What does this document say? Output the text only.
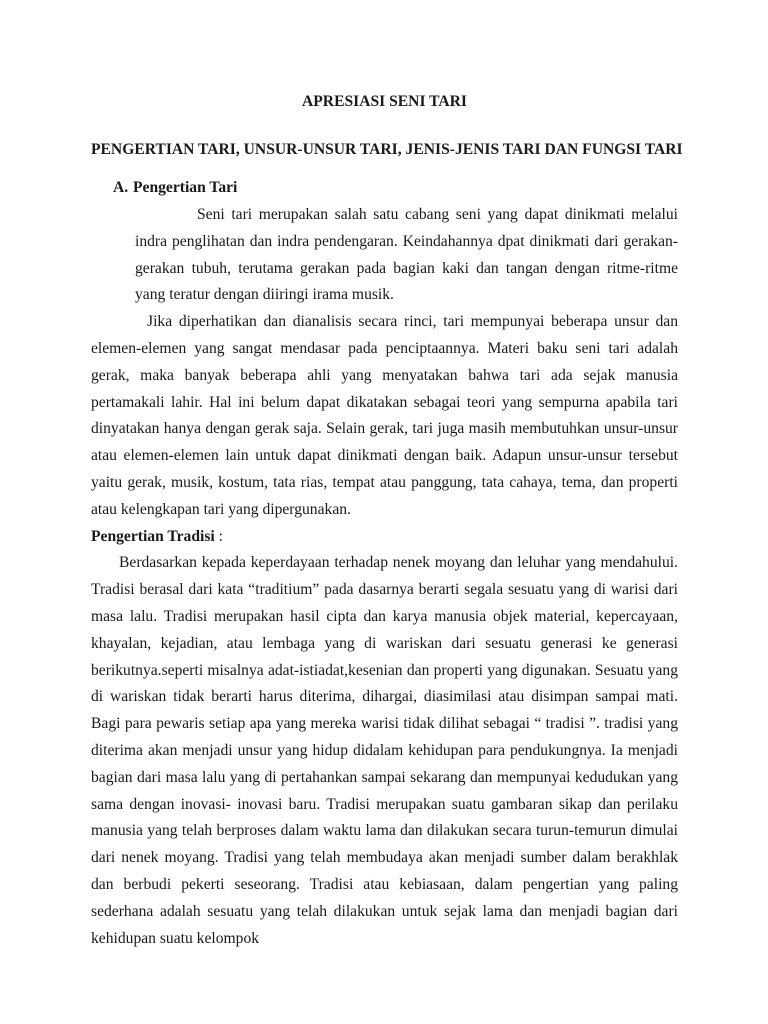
APRESIASI SENI TARI
PENGERTIAN TARI, UNSUR-UNSUR TARI, JENIS-JENIS TARI DAN FUNGSI TARI
A. Pengertian Tari

Seni tari merupakan salah satu cabang seni yang dapat dinikmati melalui indra penglihatan dan indra pendengaran. Keindahannya dpat dinikmati dari gerakan-gerakan tubuh, terutama gerakan pada bagian kaki dan tangan dengan ritme-ritme yang teratur dengan diiringi irama musik.

Jika diperhatikan dan dianalisis secara rinci, tari mempunyai beberapa unsur dan elemen-elemen yang sangat mendasar pada penciptaannya. Materi baku seni tari adalah gerak, maka banyak beberapa ahli yang menyatakan bahwa tari ada sejak manusia pertamakali lahir. Hal ini belum dapat dikatakan sebagai teori yang sempurna apabila tari dinyatakan hanya dengan gerak saja. Selain gerak, tari juga masih membutuhkan unsur-unsur atau elemen-elemen lain untuk dapat dinikmati dengan baik. Adapun unsur-unsur tersebut yaitu gerak, musik, kostum, tata rias, tempat atau panggung, tata cahaya, tema, dan properti atau kelengkapan tari yang dipergunakan.

Pengertian Tradisi :

Berdasarkan kepada keperdayaan terhadap nenek moyang dan leluhar yang mendahului. Tradisi berasal dari kata “traditium” pada dasarnya berarti segala sesuatu yang di warisi dari masa lalu. Tradisi merupakan hasil cipta dan karya manusia objek material, kepercayaan, khayalan, kejadian, atau lembaga yang di wariskan dari sesuatu generasi ke generasi berikutnya.seperti misalnya adat-istiadat,kesenian dan properti yang digunakan. Sesuatu yang di wariskan tidak berarti harus diterima, dihargai, diasimilasi atau disimpan sampai mati. Bagi para pewaris setiap apa yang mereka warisi tidak dilihat sebagai “ tradisi ”. tradisi yang diterima akan menjadi unsur yang hidup didalam kehidupan para pendukungnya. Ia menjadi bagian dari masa lalu yang di pertahankan sampai sekarang dan mempunyai kedudukan yang sama dengan inovasi- inovasi baru. Tradisi merupakan suatu gambaran sikap dan perilaku manusia yang telah berproses dalam waktu lama dan dilakukan secara turun-temurun dimulai dari nenek moyang. Tradisi yang telah membudaya akan menjadi sumber dalam berakhlak dan berbudi pekerti seseorang. Tradisi atau kebiasaan, dalam pengertian yang paling sederhana adalah sesuatu yang telah dilakukan untuk sejak lama dan menjadi bagian dari kehidupan suatu kelompok
